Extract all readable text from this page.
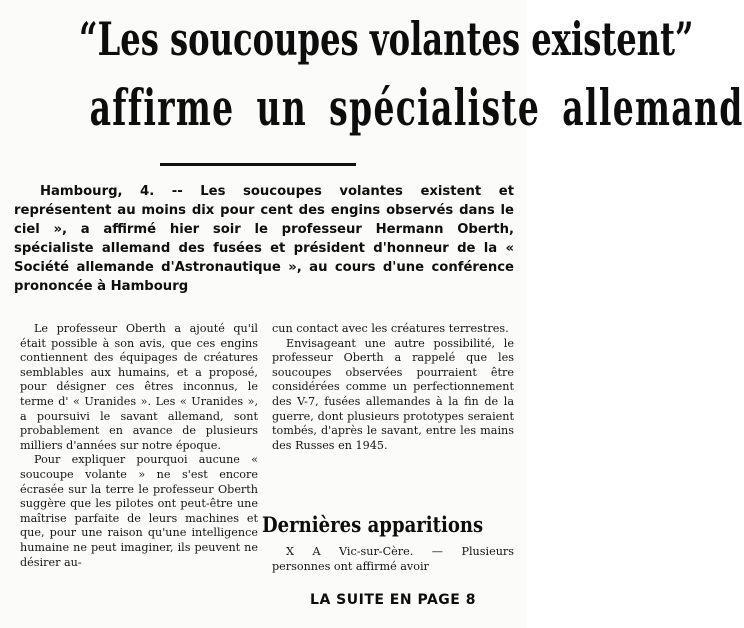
“Les soucoupes volantes existent”
affirme un spécialiste allemand

Hambourg, 4. -- Les soucoupes volantes existent et représentent au moins dix pour cent des engins observés dans le ciel », a affirmé hier soir le professeur Hermann Oberth, spécialiste allemand des fusées et président d'honneur de la « Société allemande d'Astronautique », au cours d'une conférence prononcée à Hambourg

Le professeur Oberth a ajouté qu'il était possible à son avis, que ces engins contiennent des équipages de créatures semblables aux humains, et a proposé, pour désigner ces êtres inconnus, le terme d' « Uranides ». Les « Uranides », a poursuivi le savant allemand, sont probablement en avance de plusieurs milliers d'années sur notre époque.

Pour expliquer pourquoi aucune « soucoupe volante » ne s'est encore écrasée sur la terre le professeur Oberth suggère que les pilotes ont peut-être une maîtrise parfaite de leurs machines et que, pour une raison qu'une intelligence humaine ne peut imaginer, ils peuvent ne désirer au-

cun contact avec les créatures terrestres.

Envisageant une autre possibilité, le professeur Oberth a rappelé que les soucoupes observées pourraient être considérées comme un perfectionnement des V-7, fusées allemandes à la fin de la guerre, dont plusieurs prototypes seraient tombés, d'après le savant, entre les mains des Russes en 1945.

Dernières apparitions

X A Vic-sur-Cère. — Plusieurs personnes ont affirmé avoir

LA SUITE EN PAGE 8
